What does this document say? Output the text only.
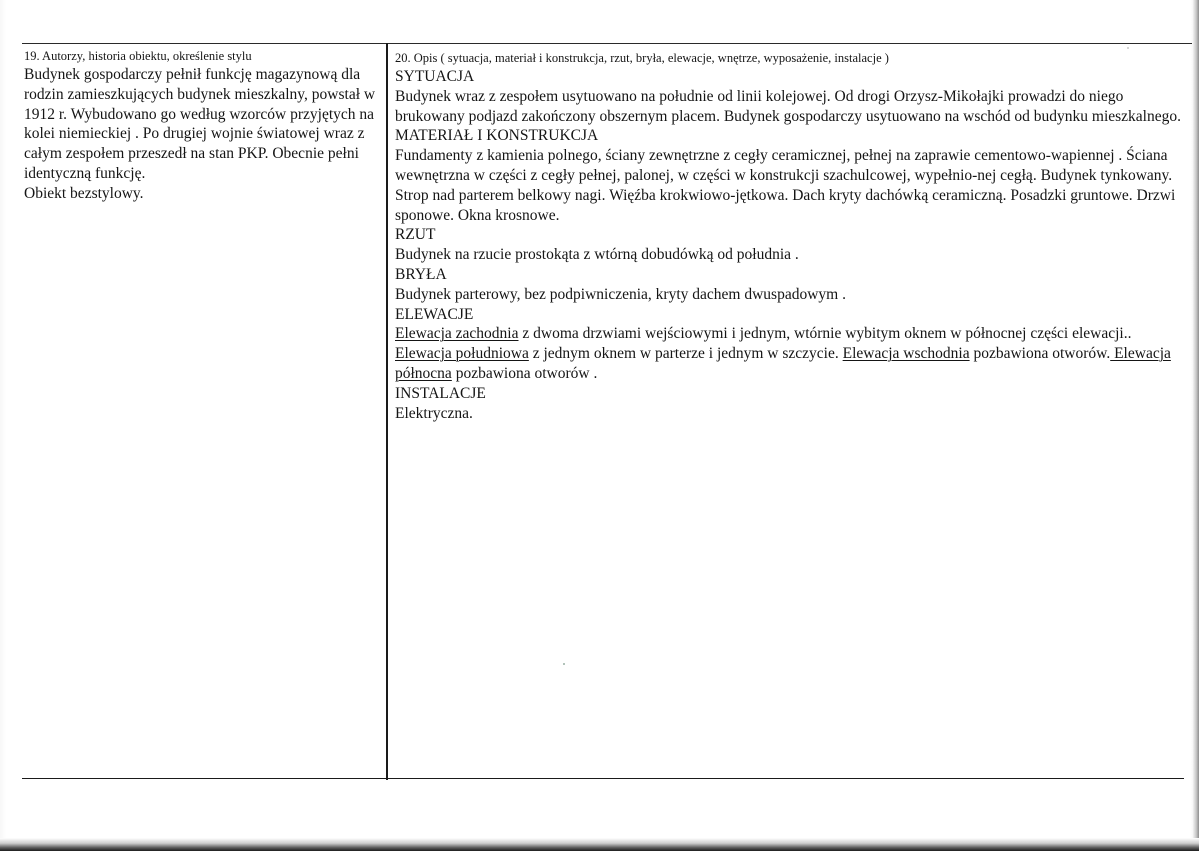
19. Autorzy, historia obiektu, określenie stylu

Budynek gospodarczy pełnił funkcję magazynową dla rodzin zamieszkujących budynek mieszkalny, powstał w 1912 r. Wybudowano go według wzorców przyjętych na kolei niemieckiej . Po drugiej wojnie światowej wraz z całym zespołem przeszedł na stan PKP. Obecnie pełni identyczną funkcję.

Obiekt bezstylowy.

20. Opis ( sytuacja, materiał i konstrukcja, rzut, bryła, elewacje, wnętrze, wyposażenie, instalacje )

SYTUACJA

Budynek wraz z zespołem usytuowano na południe od linii kolejowej. Od drogi Orzysz-Mikołajki prowadzi do niego brukowany podjazd zakończony obszernym placem. Budynek gospodarczy usytuowano na wschód od budynku mieszkalnego.

MATERIAŁ I KONSTRUKCJA

Fundamenty z kamienia polnego, ściany zewnętrzne z cegły ceramicznej, pełnej na zaprawie cementowo-wapiennej . Ściana wewnętrzna w części z cegły pełnej, palonej, w części w konstrukcji szachulcowej, wypełnio-nej cegłą. Budynek tynkowany. Strop nad parterem belkowy nagi. Więźba krokwiowo-jętkowa. Dach kryty dachówką ceramiczną. Posadzki gruntowe. Drzwi sponowe. Okna krosnowe.

RZUT

Budynek na rzucie prostokąta z wtórną dobudówką od południa .

BRYŁA

Budynek parterowy, bez podpiwniczenia, kryty dachem dwuspadowym .

ELEWACJE

Elewacja zachodnia z dwoma drzwiami wejściowymi i jednym, wtórnie wybitym oknem w północnej części elewacji.. Elewacja południowa z jednym oknem w parterze i jednym w szczycie. Elewacja wschodnia pozbawiona otworów. Elewacja północna pozbawiona otworów .

INSTALACJE

Elektryczna.
